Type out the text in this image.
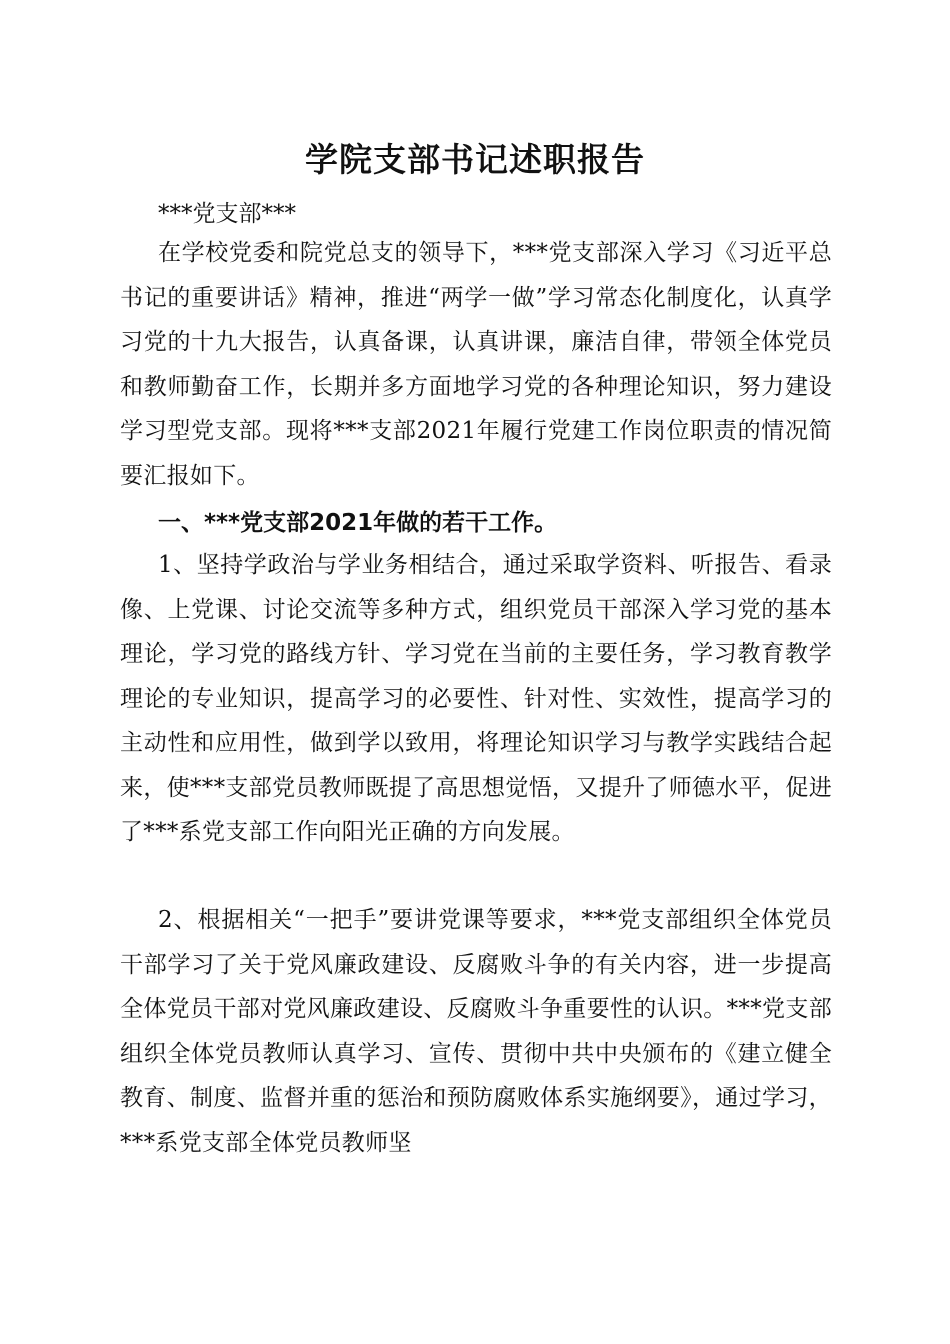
学院支部书记述职报告
***党支部***

在学校党委和院党总支的领导下，***党支部深入学习《习近平总书记的重要讲话》精神，推进“两学一做”学习常态化制度化，认真学习党的十九大报告，认真备课，认真讲课，廉洁自律，带领全体党员和教师勤奋工作，长期并多方面地学习党的各种理论知识，努力建设学习型党支部。现将***支部2021年履行党建工作岗位职责的情况简要汇报如下。

一、***党支部2021年做的若干工作。

1、坚持学政治与学业务相结合，通过采取学资料、听报告、看录像、上党课、讨论交流等多种方式，组织党员干部深入学习党的基本理论，学习党的路线方针、学习党在当前的主要任务，学习教育教学理论的专业知识，提高学习的必要性、针对性、实效性，提高学习的主动性和应用性，做到学以致用，将理论知识学习与教学实践结合起来，使***支部党员教师既提了高思想觉悟，又提升了师德水平，促进了***系党支部工作向阳光正确的方向发展。

2、根据相关“一把手”要讲党课等要求，***党支部组织全体党员干部学习了关于党风廉政建设、反腐败斗争的有关内容，进一步提高全体党员干部对党风廉政建设、反腐败斗争重要性的认识。***党支部组织全体党员教师认真学习、宣传、贯彻中共中央颁布的《建立健全教育、制度、监督并重的惩治和预防腐败体系实施纲要》，通过学习，***系党支部全体党员教师坚
